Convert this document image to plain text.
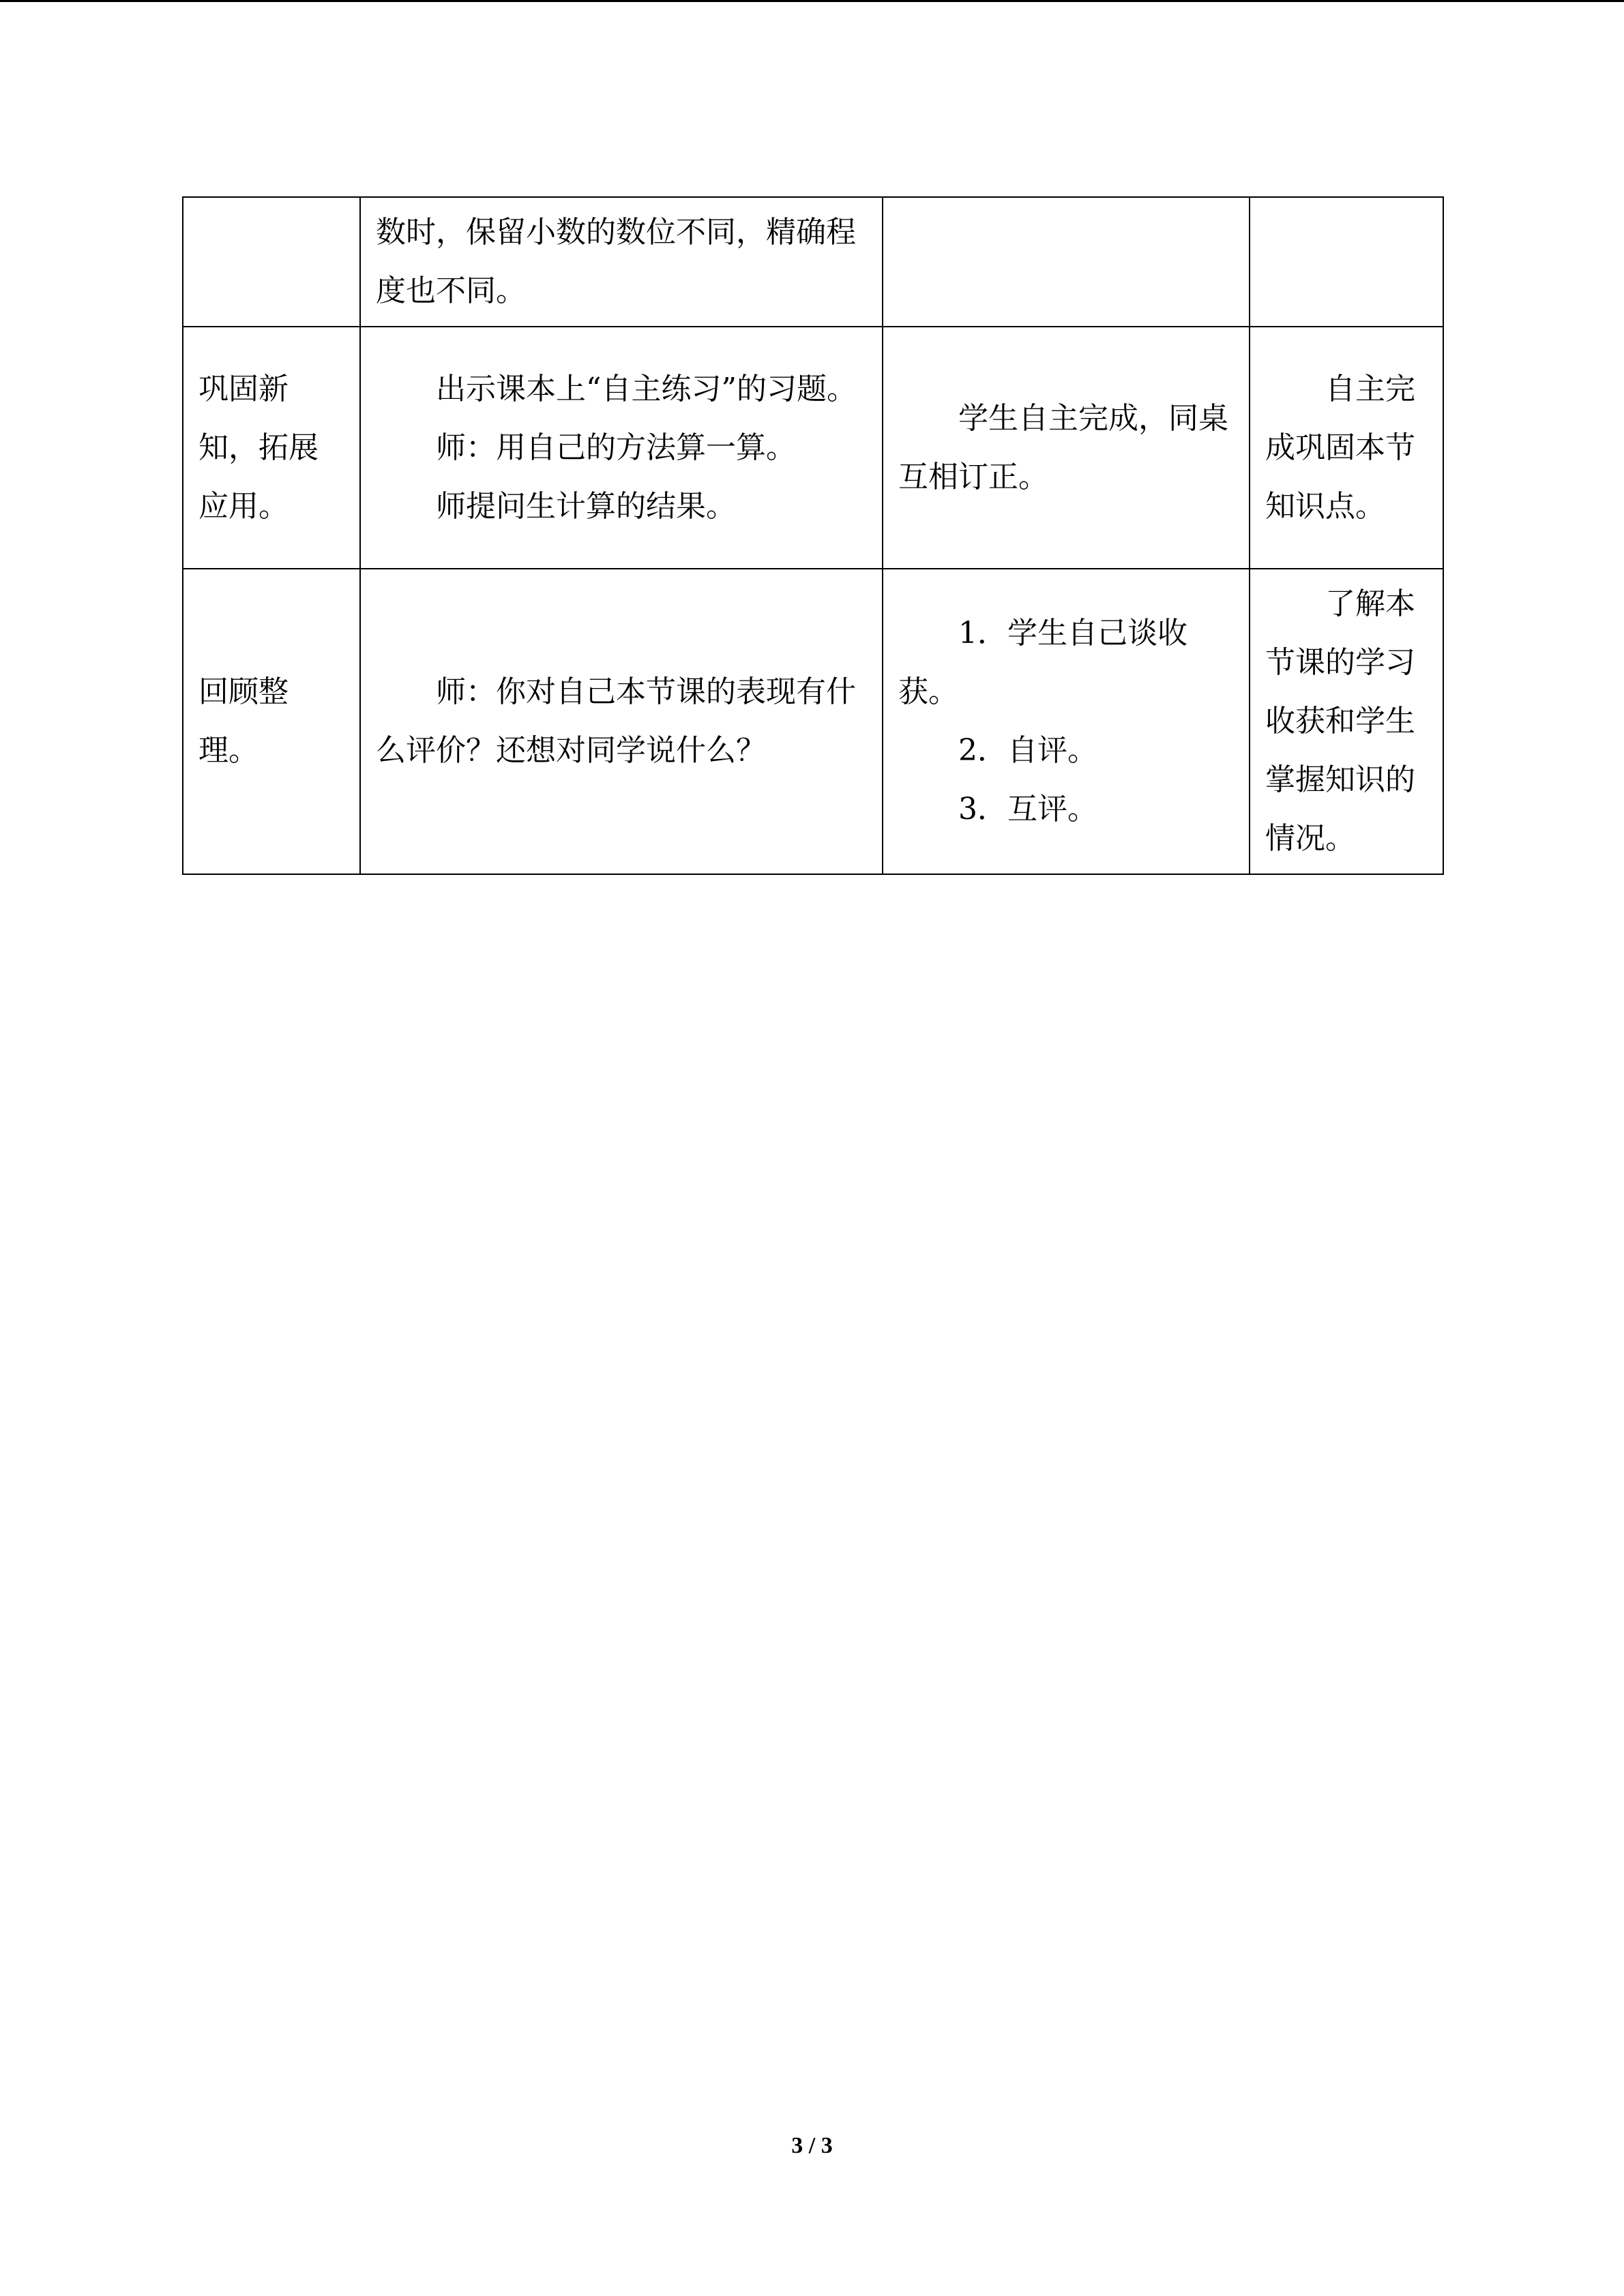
	数时，保留小数的数位不同，精确程度也不同。		

巩固新知，拓展应用。	出示课本上“自主练习”的习题。
师：用自己的方法算一算。
师提问生计算的结果。	学生自主完成，同桌互相订正。	自主完成巩固本节知识点。

回顾整理。	师：你对自己本节课的表现有什么评价？还想对同学说什么？	1．学生自己谈收获。
2．自评。
3．互评。	了解本节课的学习收获和学生掌握知识的情况。
3 / 3
